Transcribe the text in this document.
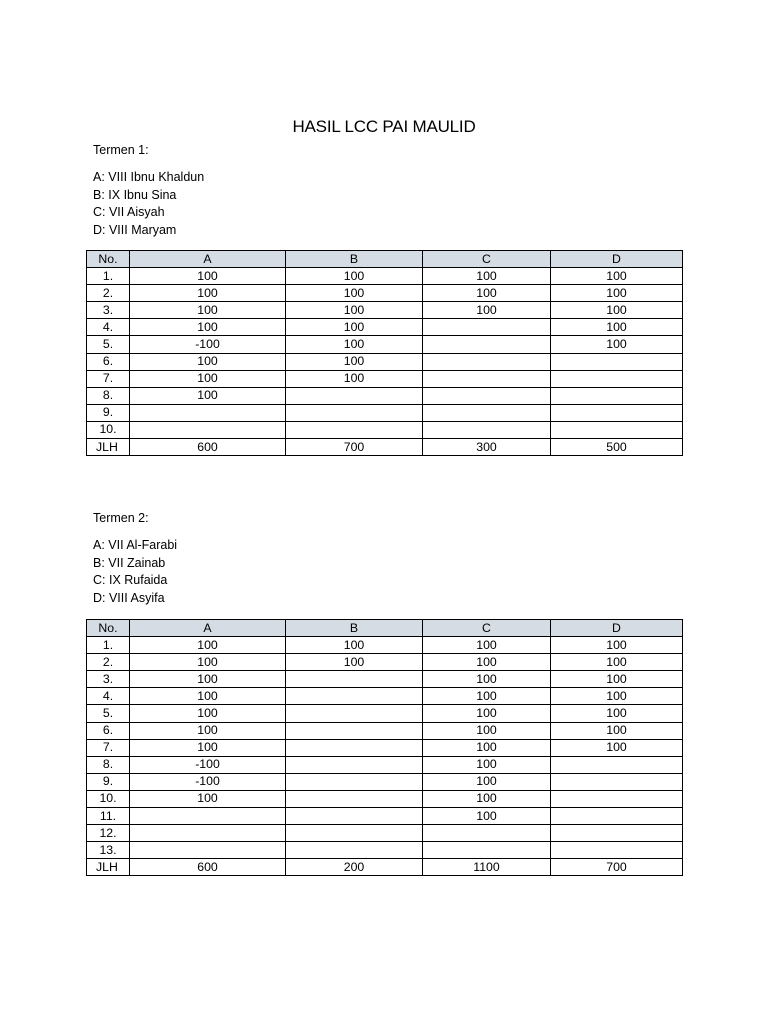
HASIL LCC PAI MAULID
Termen 1:
A: VIII Ibnu Khaldun
B: IX Ibnu Sina
C: VII Aisyah
D: VIII Maryam
No.	A	B	C	D
1.	100	100	100	100
2.	100	100	100	100
3.	100	100	100	100
4.	100	100		100
5.	-100	100		100
6.	100	100		
7.	100	100		
8.	100			
9.				
10.				
JLH	600	700	300	500
Termen 2:
A: VII Al-Farabi
B: VII Zainab
C: IX Rufaida
D: VIII Asyifa
No.	A	B	C	D
1.	100	100	100	100
2.	100	100	100	100
3.	100		100	100
4.	100		100	100
5.	100		100	100
6.	100		100	100
7.	100		100	100
8.	-100		100	
9.	-100		100	
10.	100		100	
11.			100	
12.				
13.				
JLH	600	200	1100	700
